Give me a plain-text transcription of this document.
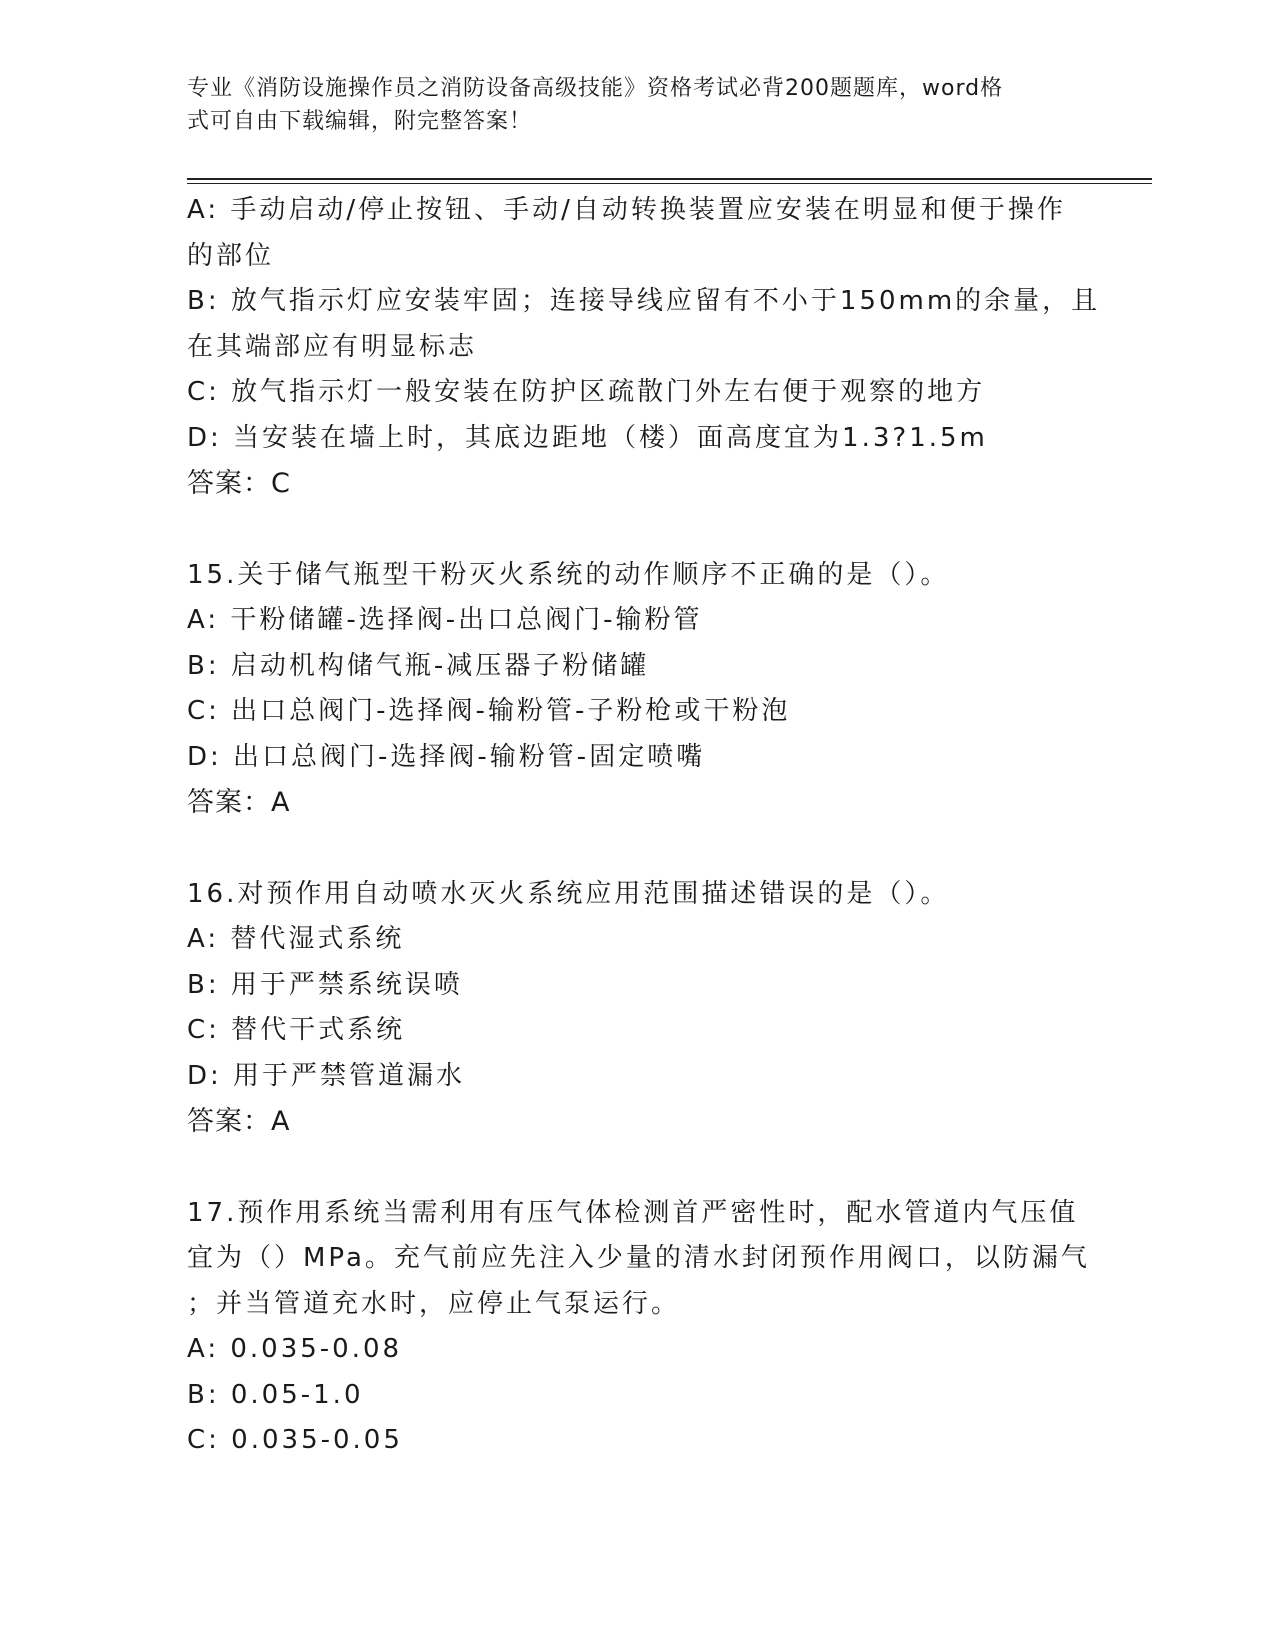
专业《消防设施操作员之消防设备高级技能》资格考试必背200题题库，word格
式可自由下载编辑，附完整答案！
A: 手动启动/停止按钮、手动/自动转换装置应安装在明显和便于操作
的部位
B: 放气指示灯应安装牢固；连接导线应留有不小于150mm的余量，且
在其端部应有明显标志
C: 放气指示灯一般安装在防护区疏散门外左右便于观察的地方
D: 当安装在墙上时，其底边距地（楼）面高度宜为1.3?1.5m
答案：C
15.关于储气瓶型干粉灭火系统的动作顺序不正确的是（）。
A: 干粉储罐-选择阀-出口总阀门-输粉管
B: 启动机构储气瓶-减压器子粉储罐
C: 出口总阀门-选择阀-输粉管-子粉枪或干粉泡
D: 出口总阀门-选择阀-输粉管-固定喷嘴
答案：A
16.对预作用自动喷水灭火系统应用范围描述错误的是（）。
A: 替代湿式系统
B: 用于严禁系统误喷
C: 替代干式系统
D: 用于严禁管道漏水
答案：A
17.预作用系统当需利用有压气体检测首严密性时，配水管道内气压值
宜为（）MPa。充气前应先注入少量的清水封闭预作用阀口，以防漏气
；并当管道充水时，应停止气泵运行。
A: 0.035-0.08
B: 0.05-1.0
C: 0.035-0.05
